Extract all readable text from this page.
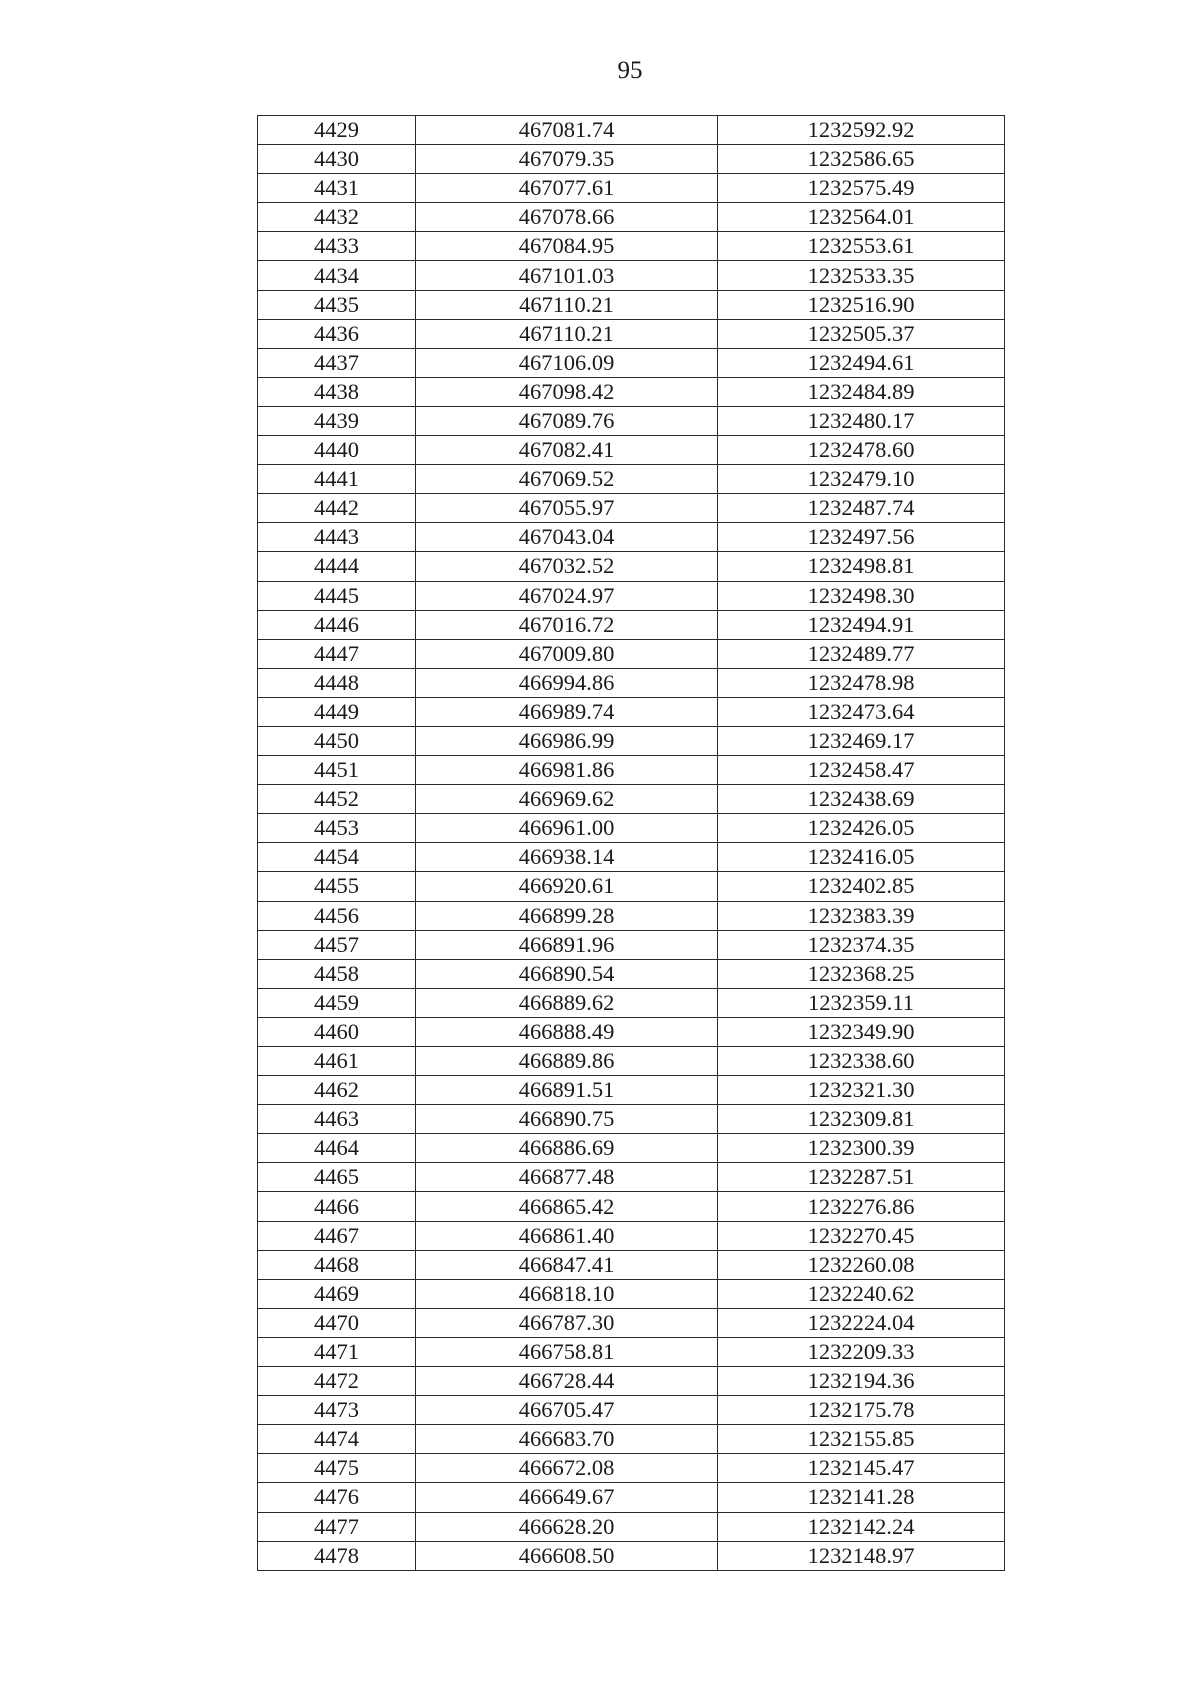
95
4429	467081.74	1232592.92
4430	467079.35	1232586.65
4431	467077.61	1232575.49
4432	467078.66	1232564.01
4433	467084.95	1232553.61
4434	467101.03	1232533.35
4435	467110.21	1232516.90
4436	467110.21	1232505.37
4437	467106.09	1232494.61
4438	467098.42	1232484.89
4439	467089.76	1232480.17
4440	467082.41	1232478.60
4441	467069.52	1232479.10
4442	467055.97	1232487.74
4443	467043.04	1232497.56
4444	467032.52	1232498.81
4445	467024.97	1232498.30
4446	467016.72	1232494.91
4447	467009.80	1232489.77
4448	466994.86	1232478.98
4449	466989.74	1232473.64
4450	466986.99	1232469.17
4451	466981.86	1232458.47
4452	466969.62	1232438.69
4453	466961.00	1232426.05
4454	466938.14	1232416.05
4455	466920.61	1232402.85
4456	466899.28	1232383.39
4457	466891.96	1232374.35
4458	466890.54	1232368.25
4459	466889.62	1232359.11
4460	466888.49	1232349.90
4461	466889.86	1232338.60
4462	466891.51	1232321.30
4463	466890.75	1232309.81
4464	466886.69	1232300.39
4465	466877.48	1232287.51
4466	466865.42	1232276.86
4467	466861.40	1232270.45
4468	466847.41	1232260.08
4469	466818.10	1232240.62
4470	466787.30	1232224.04
4471	466758.81	1232209.33
4472	466728.44	1232194.36
4473	466705.47	1232175.78
4474	466683.70	1232155.85
4475	466672.08	1232145.47
4476	466649.67	1232141.28
4477	466628.20	1232142.24
4478	466608.50	1232148.97
